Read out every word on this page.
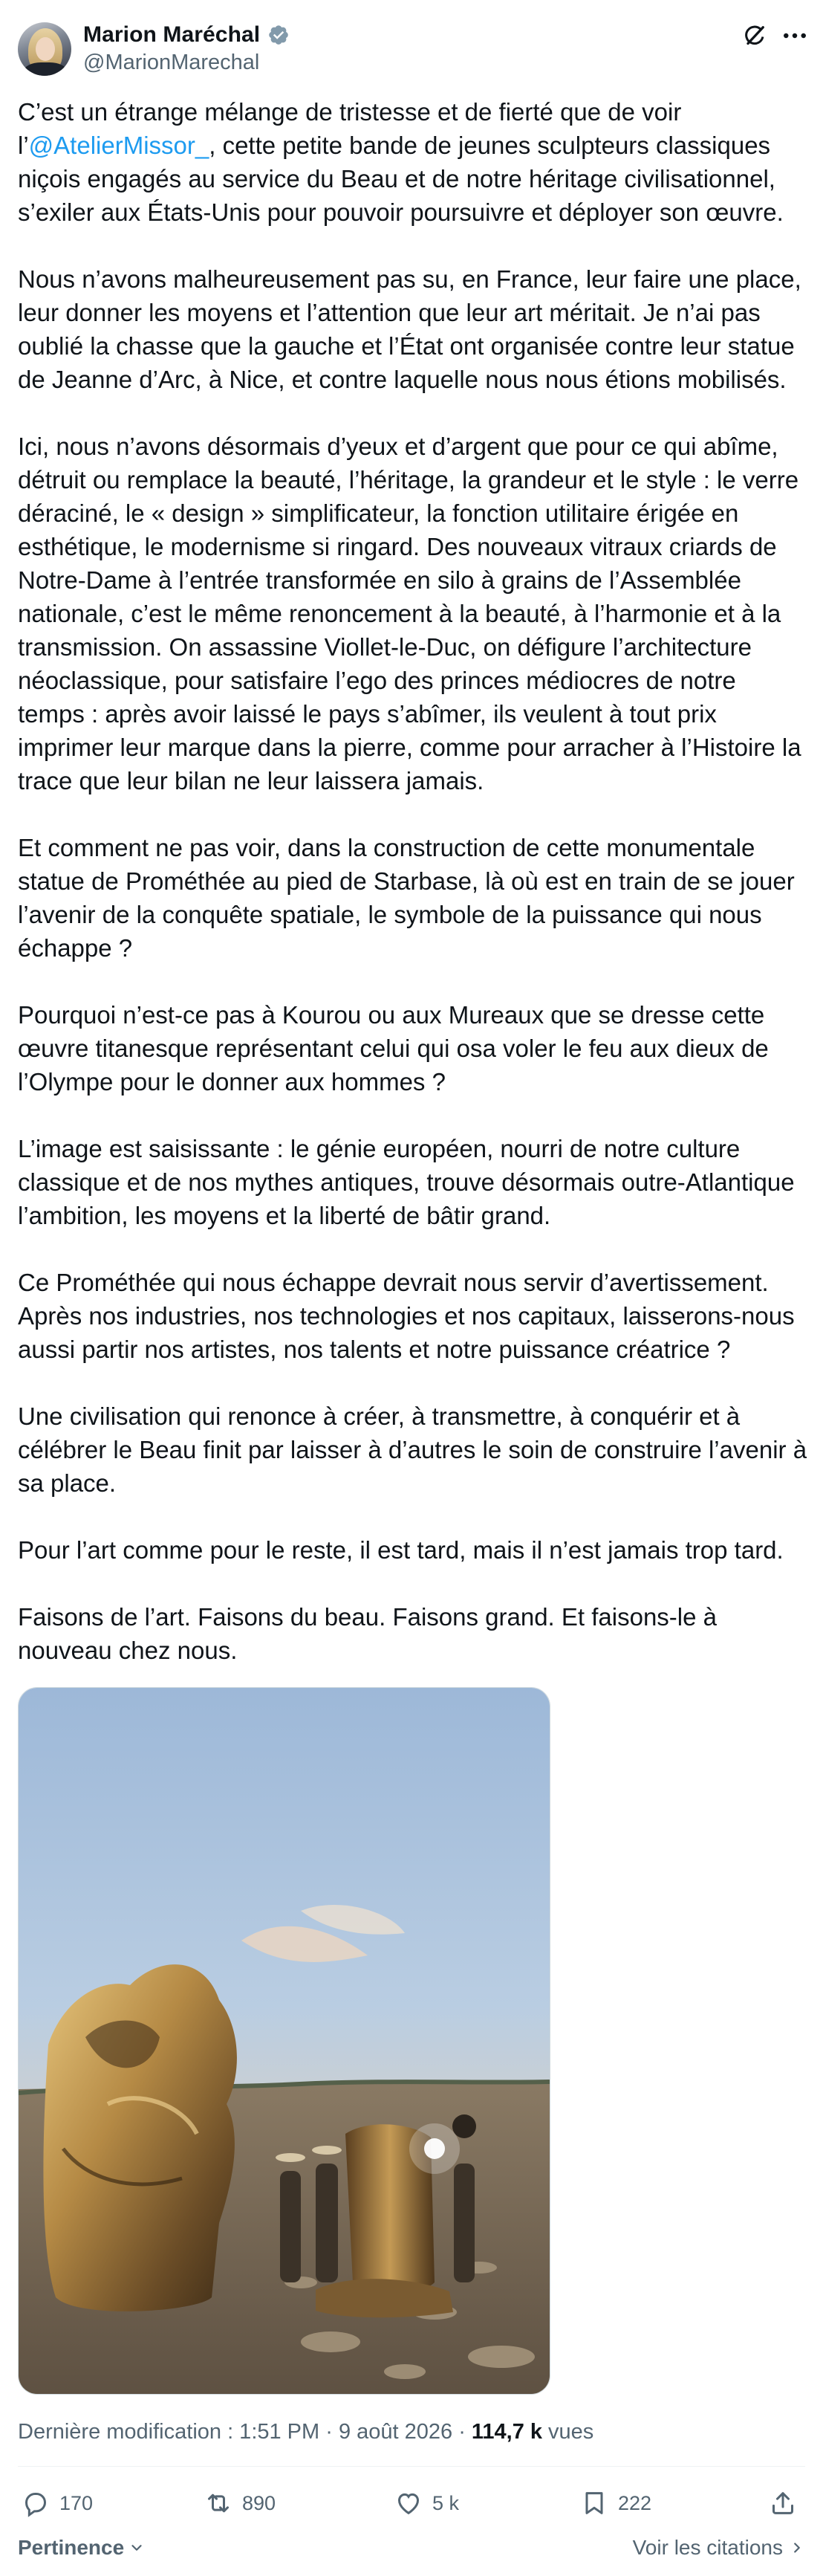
Marion Maréchal
@MarionMarechal
C’est un étrange mélange de tristesse et de fierté que de voir l’@AtelierMissor_, cette petite bande de jeunes sculpteurs classiques niçois engagés au service du Beau et de notre héritage civilisationnel, s’exiler aux États-Unis pour pouvoir poursuivre et déployer son œuvre.

Nous n’avons malheureusement pas su, en France, leur faire une place, leur donner les moyens et l’attention que leur art méritait. Je n’ai pas oublié la chasse que la gauche et l’État ont organisée contre leur statue de Jeanne d’Arc, à Nice, et contre laquelle nous nous étions mobilisés.

Ici, nous n’avons désormais d’yeux et d’argent que pour ce qui abîme, détruit ou remplace la beauté, l’héritage, la grandeur et le style : le verre déraciné, le « design » simplificateur, la fonction utilitaire érigée en esthétique, le modernisme si ringard. Des nouveaux vitraux criards de Notre-Dame à l’entrée transformée en silo à grains de l’Assemblée nationale, c’est le même renoncement à la beauté, à l’harmonie et à la transmission. On assassine Viollet-le-Duc, on défigure l’architecture néoclassique, pour satisfaire l’ego des princes médiocres de notre temps : après avoir laissé le pays s’abîmer, ils veulent à tout prix imprimer leur marque dans la pierre, comme pour arracher à l’Histoire la trace que leur bilan ne leur laissera jamais.

Et comment ne pas voir, dans la construction de cette monumentale statue de Prométhée au pied de Starbase, là où est en train de se jouer l’avenir de la conquête spatiale, le symbole de la puissance qui nous échappe ?

Pourquoi n’est-ce pas à Kourou ou aux Mureaux que se dresse cette œuvre titanesque représentant celui qui osa voler le feu aux dieux de l’Olympe pour le donner aux hommes ?

L’image est saisissante : le génie européen, nourri de notre culture classique et de nos mythes antiques, trouve désormais outre-Atlantique l’ambition, les moyens et la liberté de bâtir grand.

Ce Prométhée qui nous échappe devrait nous servir d’avertissement. Après nos industries, nos technologies et nos capitaux, laisserons-nous aussi partir nos artistes, nos talents et notre puissance créatrice ?

Une civilisation qui renonce à créer, à transmettre, à conquérir et à célébrer le Beau finit par laisser à d’autres le soin de construire l’avenir à sa place.

Pour l’art comme pour le reste, il est tard, mais il n’est jamais trop tard.

Faisons de l’art. Faisons du beau. Faisons grand. Et faisons-le à nouveau chez nous.
Dernière modification : 1:51 PM · 9 août 2026 · 114,7 k vues
170	890	5 k	222
Pertinence	Voir les citations
